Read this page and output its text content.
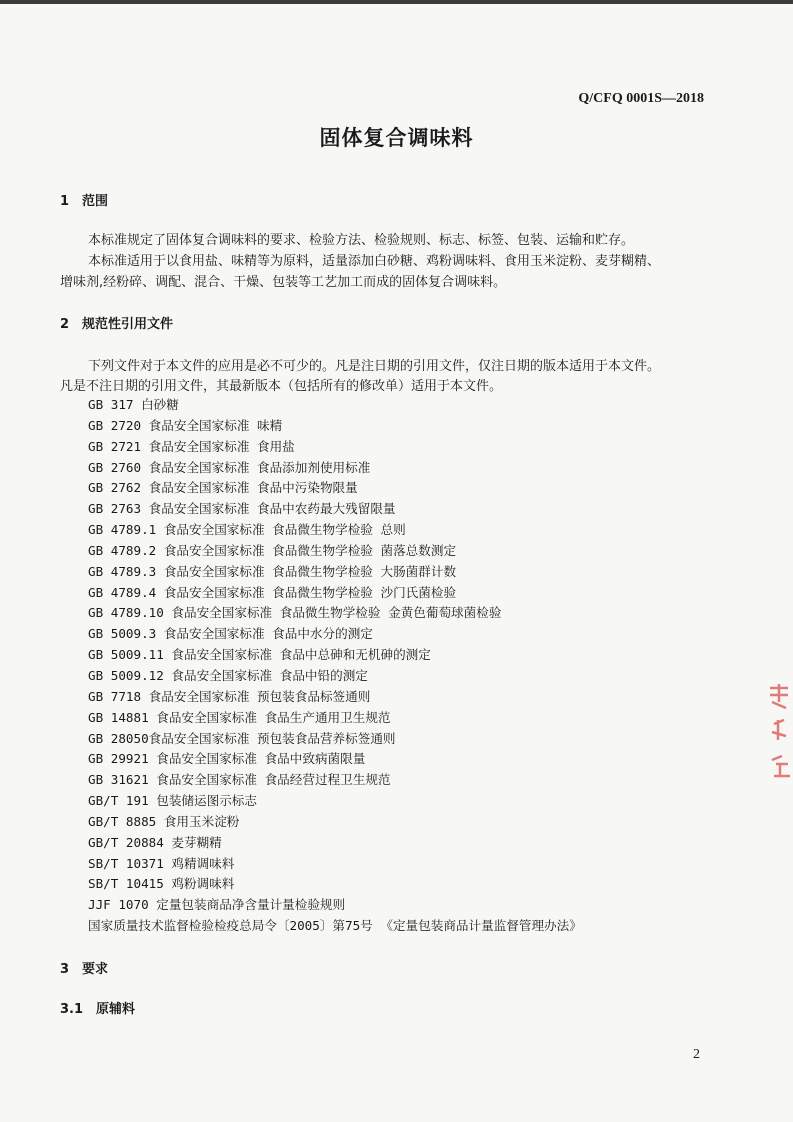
Q/CFQ 0001S—2018
固体复合调味料
1　范围
本标准规定了固体复合调味料的要求、检验方法、检验规则、标志、标签、包装、运输和贮存。
本标准适用于以食用盐、味精等为原料，适量添加白砂糖、鸡粉调味料、食用玉米淀粉、麦芽糊精、
增味剂,经粉碎、调配、混合、干燥、包装等工艺加工而成的固体复合调味料。
2　规范性引用文件
下列文件对于本文件的应用是必不可少的。凡是注日期的引用文件，仅注日期的版本适用于本文件。
凡是不注日期的引用文件，其最新版本（包括所有的修改单）适用于本文件。
GB 317 白砂糖
GB 2720 食品安全国家标准 味精
GB 2721 食品安全国家标准 食用盐
GB 2760 食品安全国家标准 食品添加剂使用标准
GB 2762 食品安全国家标准 食品中污染物限量
GB 2763 食品安全国家标准 食品中农药最大残留限量
GB 4789.1 食品安全国家标准 食品微生物学检验 总则
GB 4789.2 食品安全国家标准 食品微生物学检验 菌落总数测定
GB 4789.3 食品安全国家标准 食品微生物学检验 大肠菌群计数
GB 4789.4 食品安全国家标准 食品微生物学检验 沙门氏菌检验
GB 4789.10 食品安全国家标准 食品微生物学检验 金黄色葡萄球菌检验
GB 5009.3 食品安全国家标准 食品中水分的测定
GB 5009.11 食品安全国家标准 食品中总砷和无机砷的测定
GB 5009.12 食品安全国家标准 食品中铅的测定
GB 7718 食品安全国家标准 预包装食品标签通则
GB 14881 食品安全国家标准 食品生产通用卫生规范
GB 28050食品安全国家标准 预包装食品营养标签通则
GB 29921 食品安全国家标准 食品中致病菌限量
GB 31621 食品安全国家标准 食品经营过程卫生规范
GB/T 191 包装储运图示标志
GB/T 8885 食用玉米淀粉
GB/T 20884 麦芽糊精
SB/T 10371 鸡精调味料
SB/T 10415 鸡粉调味料
JJF 1070 定量包装商品净含量计量检验规则
国家质量技术监督检验检疫总局令〔2005〕第75号 《定量包装商品计量监督管理办法》
3　要求
3.1　原辅料
2
